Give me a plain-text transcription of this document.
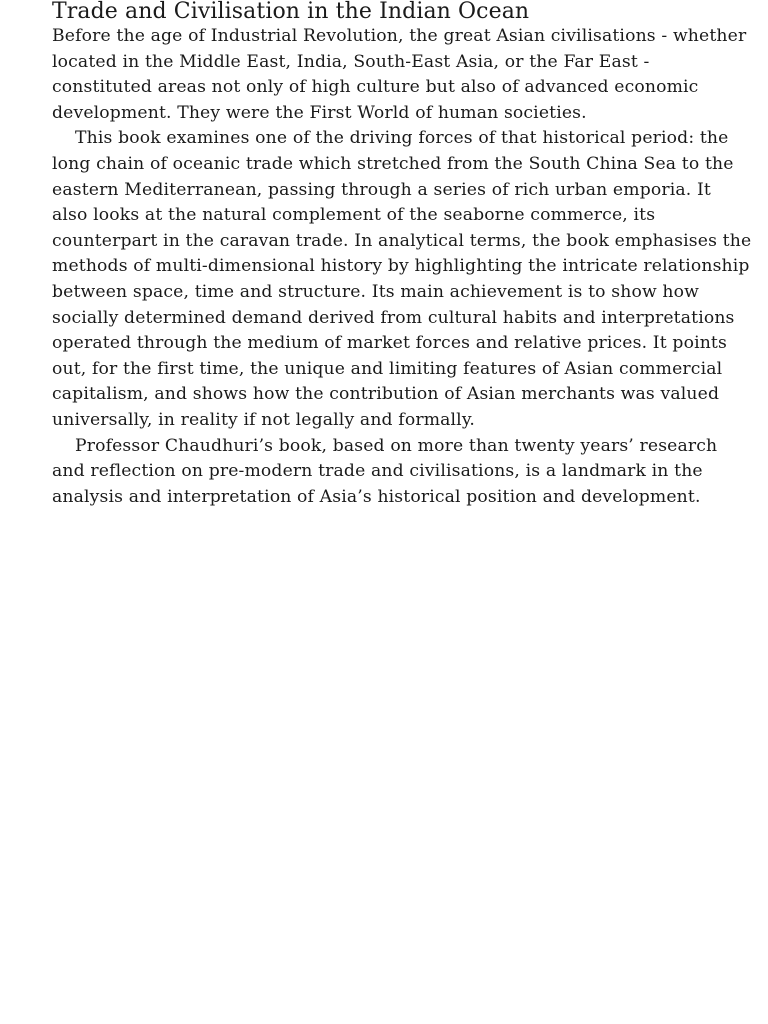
Trade and Civilisation in the Indian Ocean

Before the age of Industrial Revolution, the great Asian civilisations - whether located in the Middle East, India, South-East Asia, or the Far East - constituted areas not only of high culture but also of advanced economic development. They were the First World of human societies.

This book examines one of the driving forces of that historical period: the long chain of oceanic trade which stretched from the South China Sea to the eastern Mediterranean, passing through a series of rich urban emporia. It also looks at the natural complement of the seaborne commerce, its counterpart in the caravan trade. In analytical terms, the book emphasises the methods of multi-dimensional history by highlighting the intricate relationship between space, time and structure. Its main achievement is to show how socially determined demand derived from cultural habits and interpretations operated through the medium of market forces and relative prices. It points out, for the first time, the unique and limiting features of Asian commercial capitalism, and shows how the contribution of Asian merchants was valued universally, in reality if not legally and formally.

Professor Chaudhuri’s book, based on more than twenty years’ research and reflection on pre-modern trade and civilisations, is a landmark in the analysis and interpretation of Asia’s historical position and development.
